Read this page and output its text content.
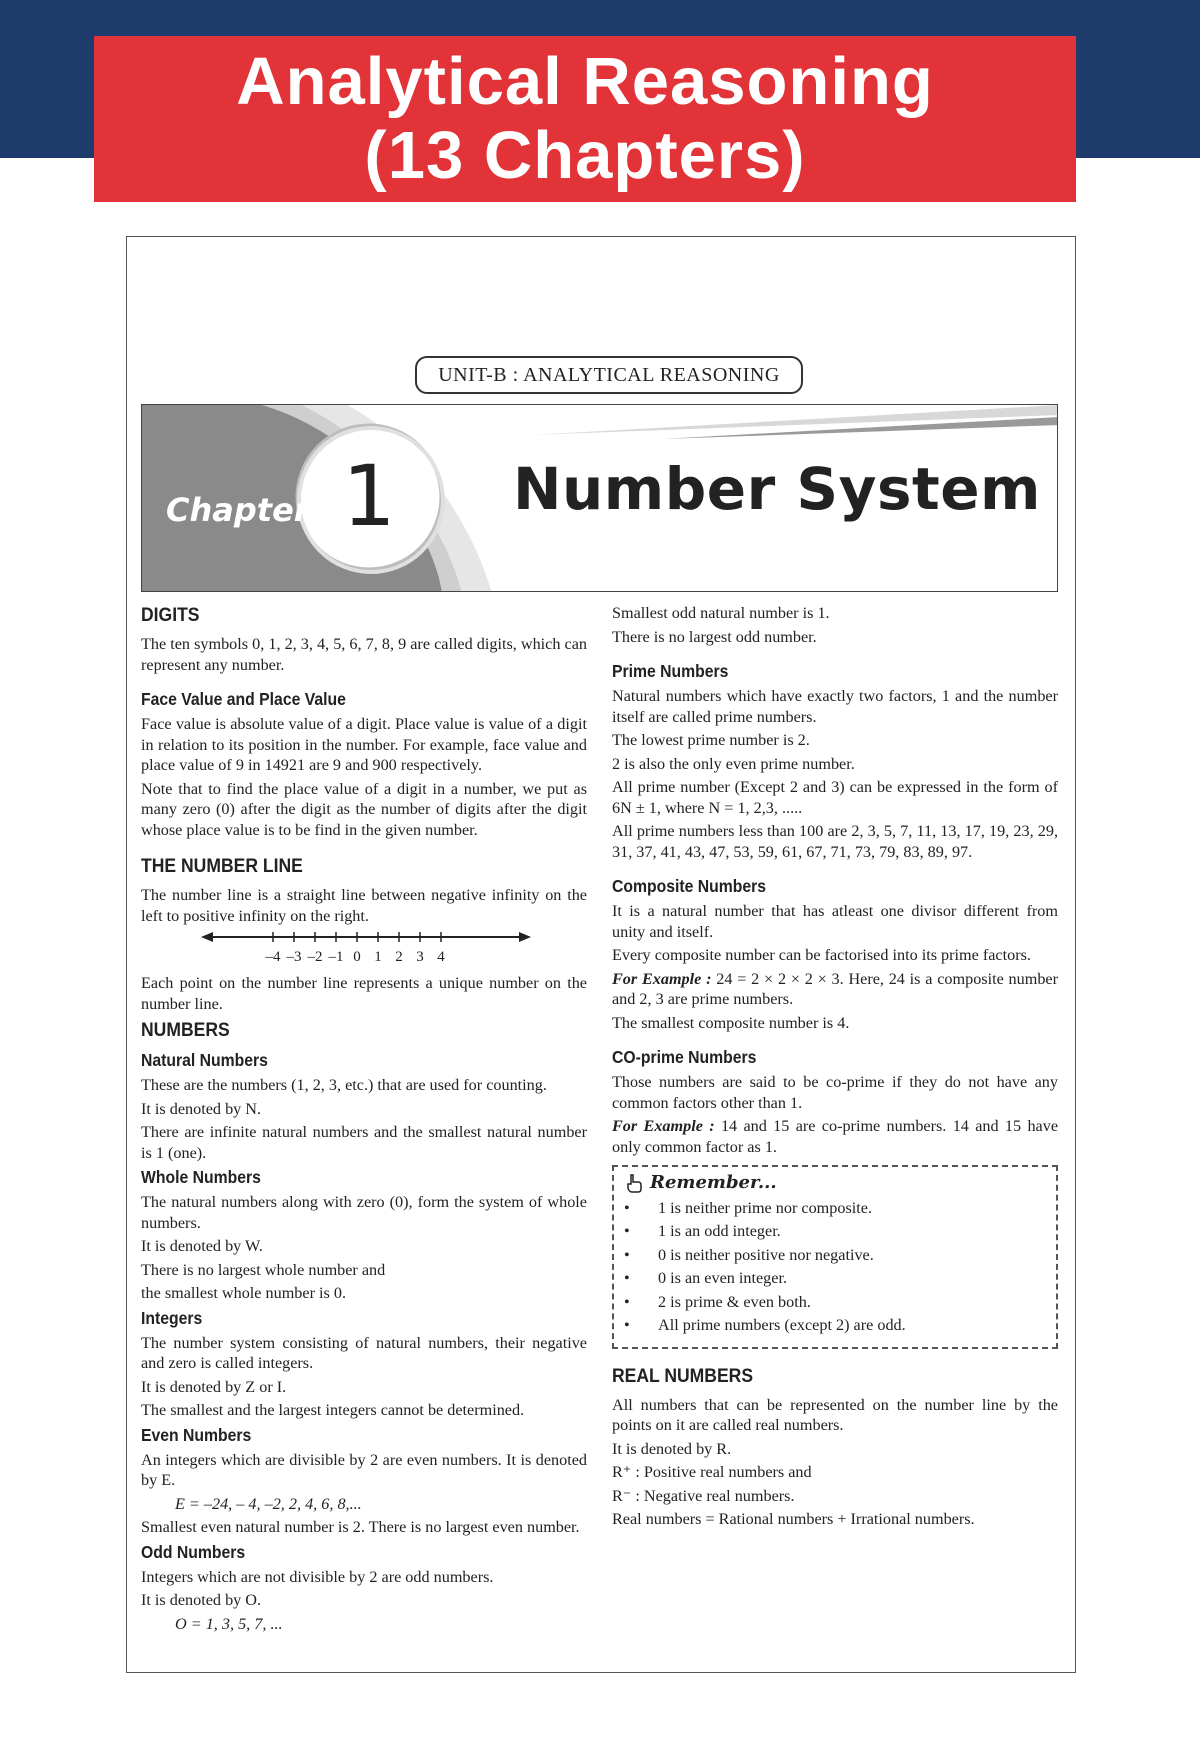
Analytical Reasoning
(13 Chapters)
UNIT-B : ANALYTICAL REASONING
Chapter 1	Number System
DIGITS

The ten symbols 0, 1, 2, 3, 4, 5, 6, 7, 8, 9 are called digits, which can represent any number.

Face Value and Place Value

Face value is absolute value of a digit. Place value is value of a digit in relation to its position in the number. For example, face value and place value of 9 in 14921 are 9 and 900 respectively.

Note that to find the place value of a digit in a number, we put as many zero (0) after the digit as the number of digits after the digit whose place value is to be find in the given number.

THE NUMBER LINE

The number line is a straight line between negative infinity on the left to positive infinity on the right.

–4 –3 –2 –1 0 1 2 3 4

Each point on the number line represents a unique number on the number line.

NUMBERS
Natural Numbers

These are the numbers (1, 2, 3, etc.) that are used for counting.

It is denoted by N.

There are infinite natural numbers and the smallest natural number is 1 (one).

Whole Numbers

The natural numbers along with zero (0), form the system of whole numbers.

It is denoted by W.

There is no largest whole number and

the smallest whole number is 0.

Integers

The number system consisting of natural numbers, their negative and zero is called integers.

It is denoted by Z or I.

The smallest and the largest integers cannot be determined.

Even Numbers

An integers which are divisible by 2 are even numbers. It is denoted by E.

E = –24, – 4, –2, 2, 4, 6, 8,...

Smallest even natural number is 2. There is no largest even number.

Odd Numbers

Integers which are not divisible by 2 are odd numbers.

It is denoted by O.

O = 1, 3, 5, 7, ...

Smallest odd natural number is 1.

There is no largest odd number.

Prime Numbers

Natural numbers which have exactly two factors, 1 and the number itself are called prime numbers.

The lowest prime number is 2.

2 is also the only even prime number.

All prime number (Except 2 and 3) can be expressed in the form of 6N ± 1, where N = 1, 2,3, .....

All prime numbers less than 100 are 2, 3, 5, 7, 11, 13, 17, 19, 23, 29, 31, 37, 41, 43, 47, 53, 59, 61, 67, 71, 73, 79, 83, 89, 97.

Composite Numbers

It is a natural number that has atleast one divisor different from unity and itself.

Every composite number can be factorised into its prime factors.

For Example : 24 = 2 × 2 × 2 × 3. Here, 24 is a composite number and 2, 3 are prime numbers.

The smallest composite number is 4.

CO-prime Numbers

Those numbers are said to be co-prime if they do not have any common factors other than 1.

For Example : 14 and 15 are co-prime numbers. 14 and 15 have only common factor as 1.

Remember...
•	1 is neither prime nor composite.
•	1 is an odd integer.
•	0 is neither positive nor negative.
•	0 is an even integer.
•	2 is prime & even both.
•	All prime numbers (except 2) are odd.
REAL NUMBERS

All numbers that can be represented on the number line by the points on it are called real numbers.

It is denoted by R.

R⁺ : Positive real numbers and

R⁻ : Negative real numbers.

Real numbers = Rational numbers + Irrational numbers.
